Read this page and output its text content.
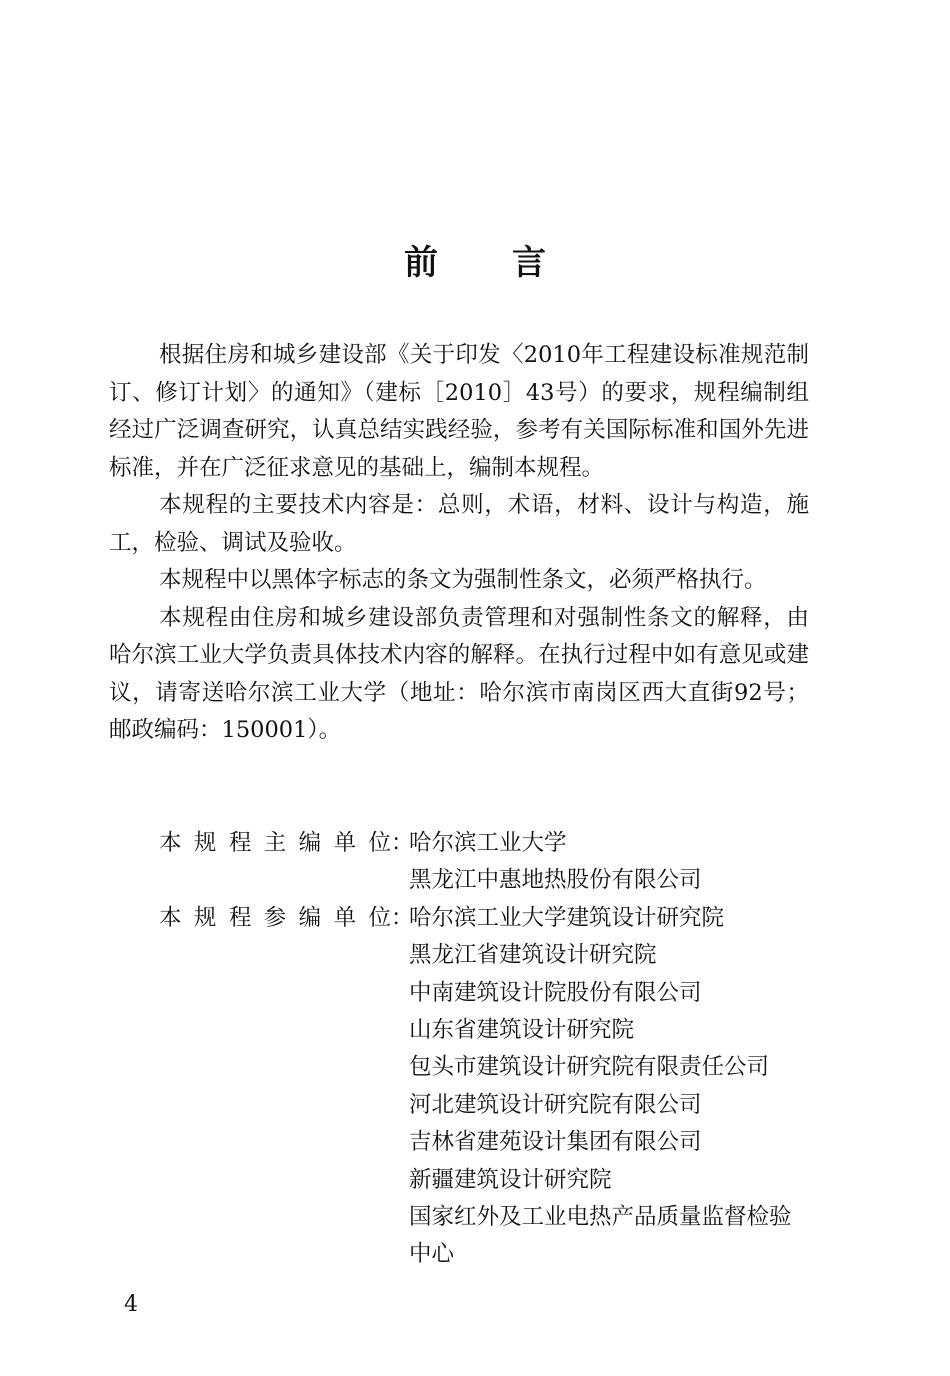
前言

根据住房和城乡建设部《关于印发〈2010年工程建设标准规范制订、修订计划〉的通知》（建标［2010］43号）的要求，规程编制组经过广泛调查研究，认真总结实践经验，参考有关国际标准和国外先进标准，并在广泛征求意见的基础上，编制本规程。

本规程的主要技术内容是：总则，术语，材料、设计与构造，施工，检验、调试及验收。

本规程中以黑体字标志的条文为强制性条文，必须严格执行。

本规程由住房和城乡建设部负责管理和对强制性条文的解释，由哈尔滨工业大学负责具体技术内容的解释。在执行过程中如有意见或建议，请寄送哈尔滨工业大学（地址：哈尔滨市南岗区西大直街92号；邮政编码：150001）。

本规程主编单位：
哈尔滨工业大学
黑龙江中惠地热股份有限公司
本规程参编单位：
哈尔滨工业大学建筑设计研究院
黑龙江省建筑设计研究院
中南建筑设计院股份有限公司
山东省建筑设计研究院
包头市建筑设计研究院有限责任公司
河北建筑设计研究院有限公司
吉林省建苑设计集团有限公司
新疆建筑设计研究院
国家红外及工业电热产品质量监督检验中心
4
